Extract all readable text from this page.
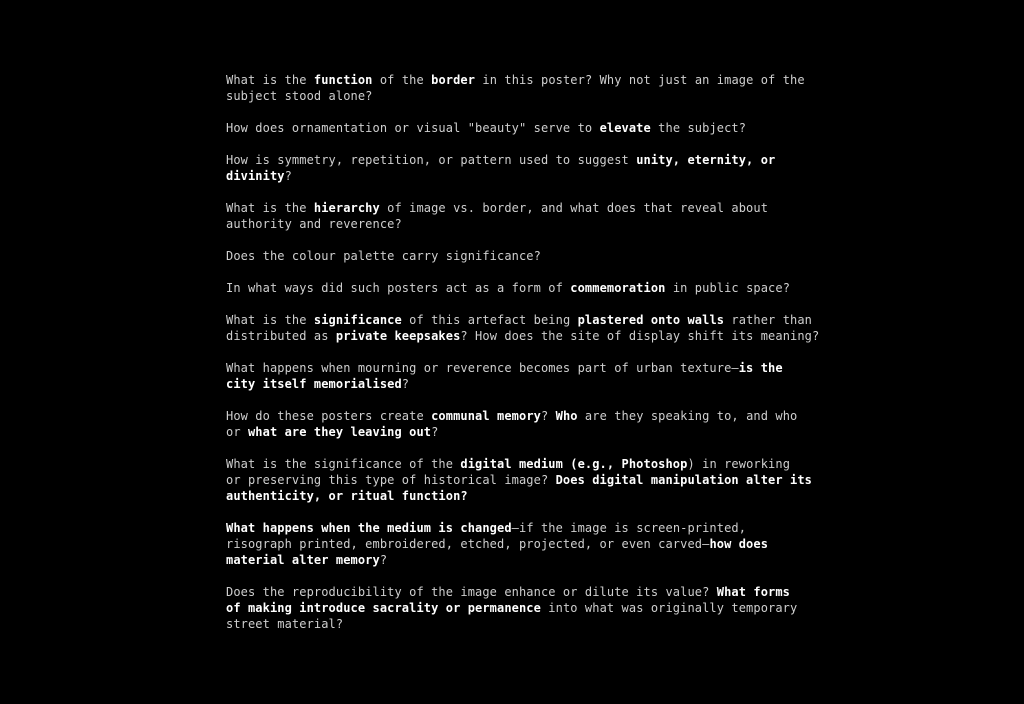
What is the function of the border in this poster? Why not just an image of the
subject stood alone?

How does ornamentation or visual "beauty" serve to elevate the subject?

How is symmetry, repetition, or pattern used to suggest unity, eternity, or
divinity?

What is the hierarchy of image vs. border, and what does that reveal about
authority and reverence?

Does the colour palette carry significance?

In what ways did such posters act as a form of commemoration in public space?

What is the significance of this artefact being plastered onto walls rather than
distributed as private keepsakes? How does the site of display shift its meaning?

What happens when mourning or reverence becomes part of urban texture—is the
city itself memorialised?

How do these posters create communal memory? Who are they speaking to, and who
or what are they leaving out?

What is the significance of the digital medium (e.g., Photoshop) in reworking
or preserving this type of historical image? Does digital manipulation alter its
authenticity, or ritual function?

What happens when the medium is changed—if the image is screen-printed,
risograph printed, embroidered, etched, projected, or even carved—how does
material alter memory?

Does the reproducibility of the image enhance or dilute its value? What forms
of making introduce sacrality or permanence into what was originally temporary
street material?
